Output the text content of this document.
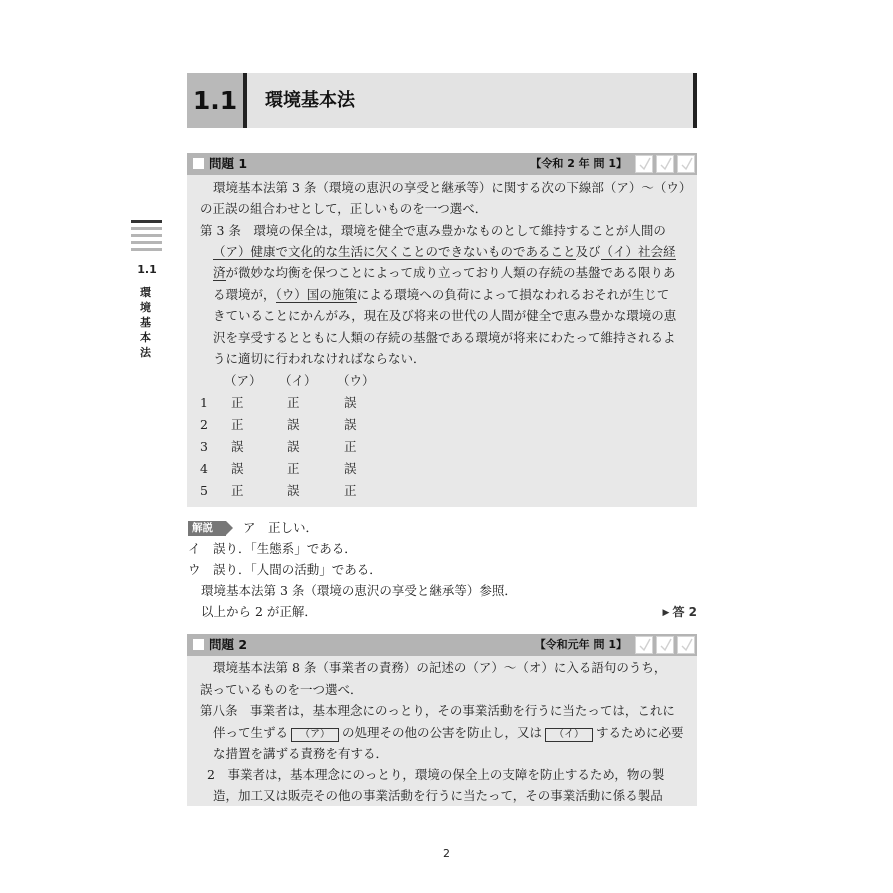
1.1	環境基本法
1.1
環境基本法
問題 1	【令和 2 年 問 1】
環境基本法第 3 条（環境の恵沢の享受と継承等）に関する次の下線部（ア）～（ウ）
の正誤の組合わせとして，正しいものを一つ選べ．
第 3 条　環境の保全は，環境を健全で恵み豊かなものとして維持することが人間の
（ア）健康で文化的な生活に欠くことのできないものであること及び（イ）社会経
済が微妙な均衡を保つことによって成り立っており人類の存続の基盤である限りあ
る環境が，（ウ）国の施策による環境への負荷によって損なわれるおそれが生じて
きていることにかんがみ，現在及び将来の世代の人間が健全で恵み豊かな環境の恵
沢を享受するとともに人類の存続の基盤である環境が将来にわたって維持されるよ
うに適切に行われなければならない．
（ア） （イ） （ウ）
1 正	正	誤
2 正	誤	誤
3 誤	誤	正
4 誤	正	誤
5 正	誤	正
解説	ア　正しい．
イ　誤り．「生態系」である．
ウ　誤り．「人間の活動」である．
環境基本法第 3 条（環境の恵沢の享受と継承等）参照．
以上から 2 が正解．	▶ 答 2
問題 2	【令和元年 問 1】
環境基本法第 8 条（事業者の責務）の記述の（ア）～（オ）に入る語句のうち，
誤っているものを一つ選べ．
第八条　事業者は，基本理念にのっとり，その事業活動を行うに当たっては，これに
伴って生ずる （ア） の処理その他の公害を防止し，又は （イ） するために必要
な措置を講ずる責務を有する．
2　事業者は，基本理念にのっとり，環境の保全上の支障を防止するため，物の製
造，加工又は販売その他の事業活動を行うに当たって，その事業活動に係る製品
2
